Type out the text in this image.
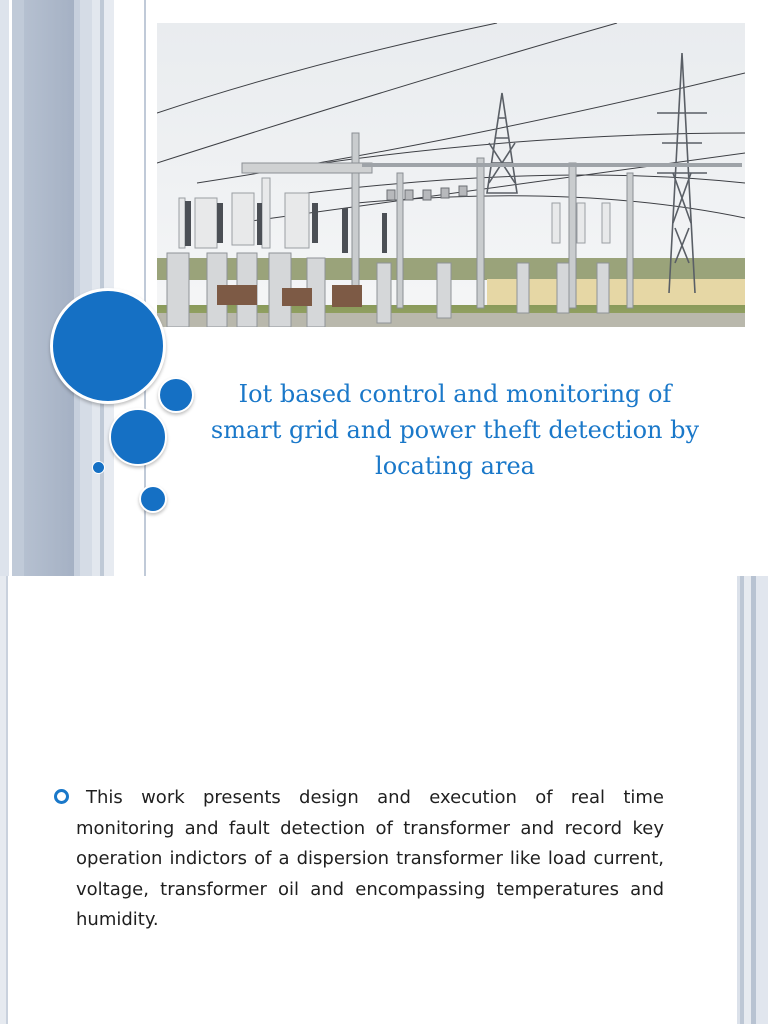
Iot based control and monitoring of smart grid and power theft detection by locating area
This work presents design and execution of real time monitoring and fault detection of transformer and record key operation indictors of a dispersion transformer like load current, voltage, transformer oil and encompassing temperatures and humidity.
